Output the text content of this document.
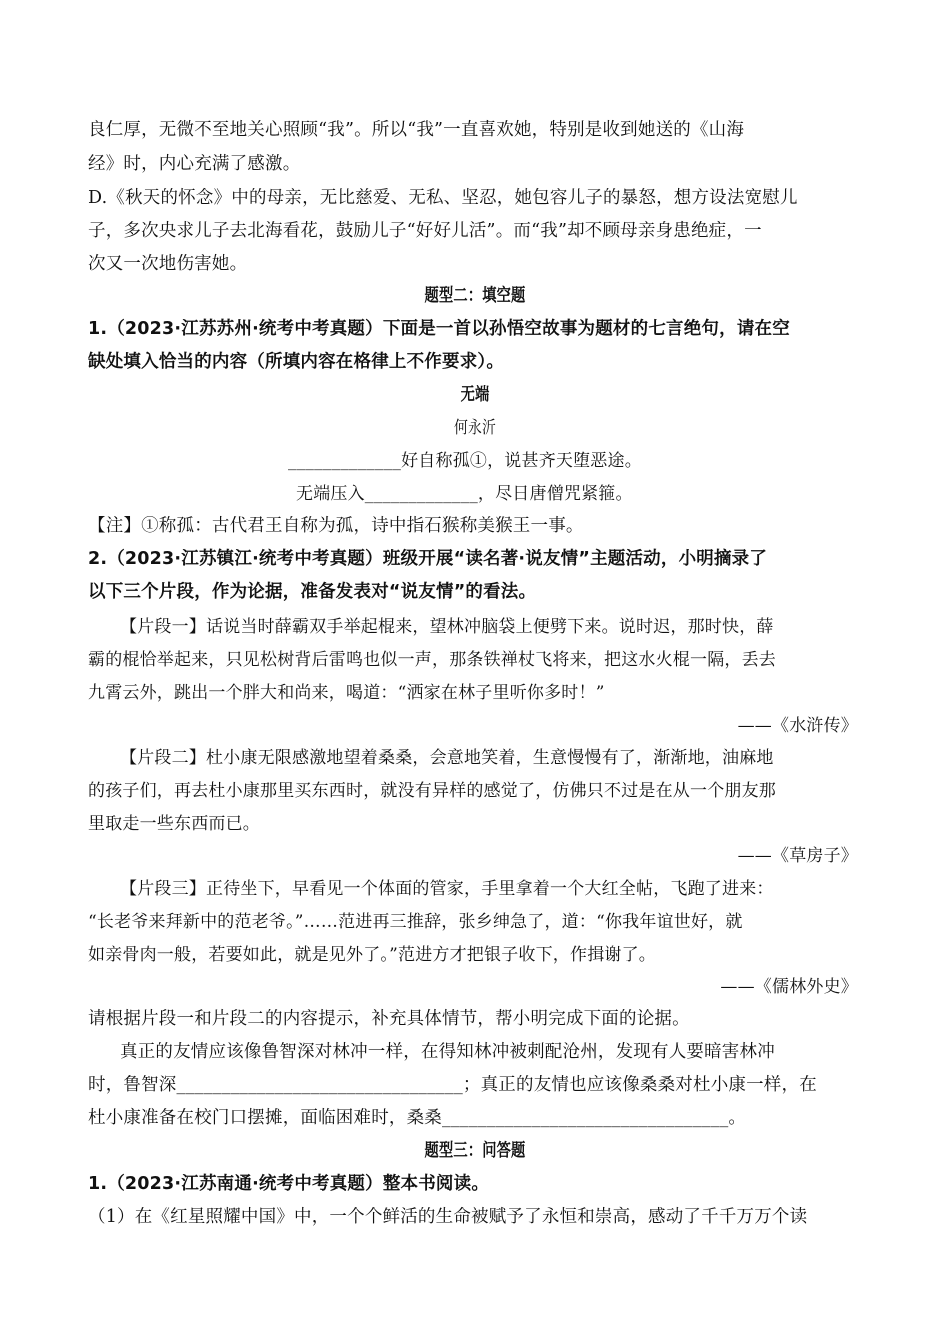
良仁厚，无微不至地关心照顾“我”。所以“我”一直喜欢她，特别是收到她送的《山海
经》时，内心充满了感激。
D.《秋天的怀念》中的母亲，无比慈爱、无私、坚忍，她包容儿子的暴怒，想方设法宽慰儿
子，多次央求儿子去北海看花，鼓励儿子“好好儿活”。而“我”却不顾母亲身患绝症，一
次又一次地伤害她。
题型二：填空题
1.（2023·江苏苏州·统考中考真题）下面是一首以孙悟空故事为题材的七言绝句，请在空
缺处填入恰当的内容（所填内容在格律上不作要求）。
无端
何永沂
_____________好自称孤①，说甚齐天堕恶途。
无端压入_____________，尽日唐僧咒紧箍。
【注】①称孤：古代君王自称为孤，诗中指石猴称美猴王一事。
2.（2023·江苏镇江·统考中考真题）班级开展“读名著·说友情”主题活动，小明摘录了
以下三个片段，作为论据，准备发表对“说友情”的看法。
【片段一】话说当时薛霸双手举起棍来，望林冲脑袋上便劈下来。说时迟，那时快，薛
霸的棍恰举起来，只见松树背后雷鸣也似一声，那条铁禅杖飞将来，把这水火棍一隔，丢去
九霄云外，跳出一个胖大和尚来，喝道：“洒家在林子里听你多时！”
——《水浒传》
【片段二】杜小康无限感激地望着桑桑，会意地笑着，生意慢慢有了，渐渐地，油麻地
的孩子们，再去杜小康那里买东西时，就没有异样的感觉了，仿佛只不过是在从一个朋友那
里取走一些东西而已。
——《草房子》
【片段三】正待坐下，早看见一个体面的管家，手里拿着一个大红全帖，飞跑了进来：
“长老爷来拜新中的范老爷。”……范进再三推辞，张乡绅急了，道：“你我年谊世好，就
如亲骨肉一般，若要如此，就是见外了。”范进方才把银子收下，作揖谢了。
——《儒林外史》
请根据片段一和片段二的内容提示，补充具体情节，帮小明完成下面的论据。
真正的友情应该像鲁智深对林冲一样，在得知林冲被刺配沧州，发现有人要暗害林冲
时，鲁智深________________________________；真正的友情也应该像桑桑对杜小康一样，在
杜小康准备在校门口摆摊，面临困难时，桑桑________________________________。
题型三：问答题
1.（2023·江苏南通·统考中考真题）整本书阅读。
（1）在《红星照耀中国》中，一个个鲜活的生命被赋予了永恒和崇高，感动了千千万万个读
